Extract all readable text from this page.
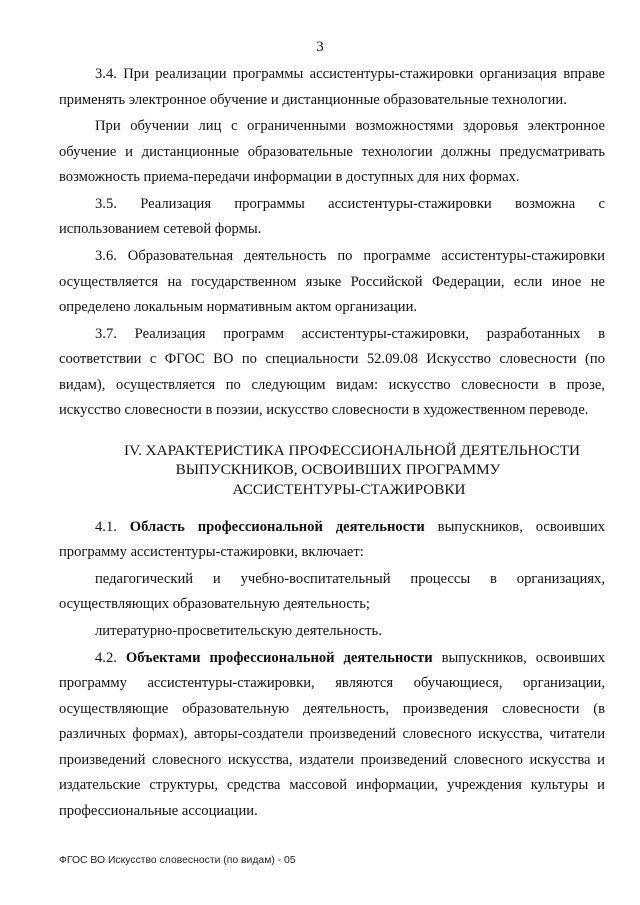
3

3.4. При реализации программы ассистентуры-стажировки организация вправе применять электронное обучение и дистанционные образовательные технологии.

При обучении лиц с ограниченными возможностями здоровья электронное обучение и дистанционные образовательные технологии должны предусматривать возможность приема-передачи информации в доступных для них формах.

3.5. Реализация программы ассистентуры-стажировки возможна с использованием сетевой формы.

3.6. Образовательная деятельность по программе ассистентуры-стажировки осуществляется на государственном языке Российской Федерации, если иное не определено локальным нормативным актом организации.

3.7. Реализация программ ассистентуры-стажировки, разработанных в соответствии с ФГОС ВО по специальности 52.09.08 Искусство словесности (по видам), осуществляется по следующим видам: искусство словесности в прозе, искусство словесности в поэзии, искусство словесности в художественном переводе.

IV. ХАРАКТЕРИСТИКА ПРОФЕССИОНАЛЬНОЙ ДЕЯТЕЛЬНОСТИ
ВЫПУСКНИКОВ, ОСВОИВШИХ ПРОГРАММУ
АССИСТЕНТУРЫ-СТАЖИРОВКИ

4.1. Область профессиональной деятельности выпускников, освоивших программу ассистентуры-стажировки, включает:

педагогический и учебно-воспитательный процессы в организациях, осуществляющих образовательную деятельность;

литературно-просветительскую деятельность.

4.2. Объектами профессиональной деятельности выпускников, освоивших программу ассистентуры-стажировки, являются обучающиеся, организации, осуществляющие образовательную деятельность, произведения словесности (в различных формах), авторы-создатели произведений словесного искусства, читатели произведений словесного искусства, издатели произведений словесного искусства и издательские структуры, средства массовой информации, учреждения культуры и профессиональные ассоциации.

ФГОС ВО Искусство словесности (по видам) - 05
